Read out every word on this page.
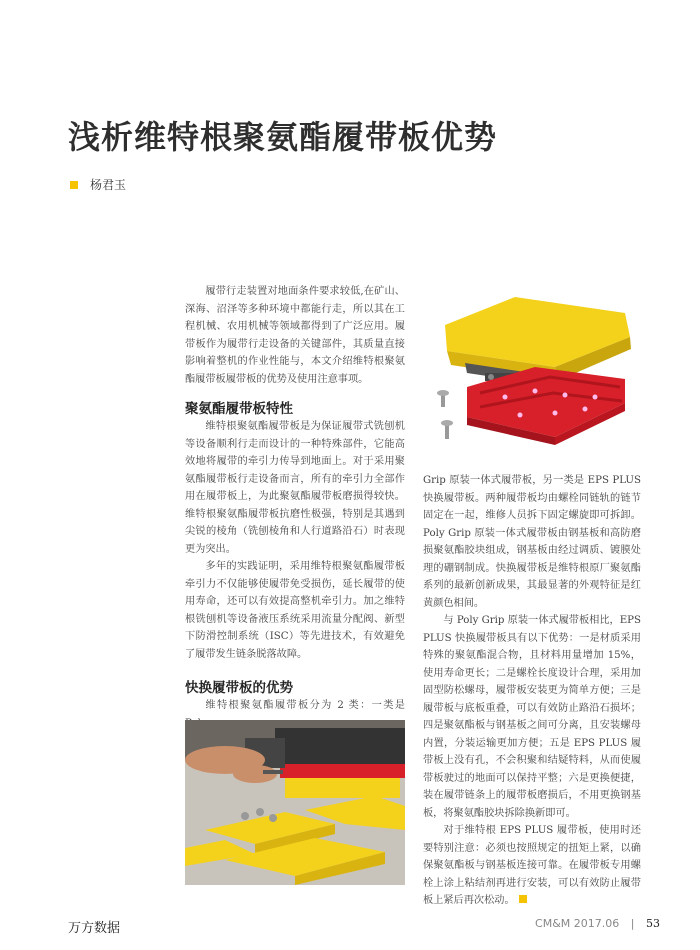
浅析维特根聚氨酯履带板优势
杨君玉

履带行走装置对地面条件要求较低,在矿山、深海、沼泽等多种环境中都能行走，所以其在工程机械、农用机械等领域都得到了广泛应用。履带板作为履带行走设备的关键部件，其质量直接影响着整机的作业性能与，本文介绍维特根聚氨酯履带板履带板的优势及使用注意事项。

聚氨酯履带板特性

维特根聚氨酯履带板是为保证履带式铣刨机等设备顺利行走而设计的一种特殊部件，它能高效地将履带的牵引力传导到地面上。对于采用聚氨酯履带板行走设备而言，所有的牵引力全部作用在履带板上，为此聚氨酯履带板磨损得较快。维特根聚氨酯履带板抗磨性极强，特别是其遇到尖锐的棱角（铣刨棱角和人行道路沿石）时表现更为突出。

多年的实践证明，采用维特根聚氨酯履带板牵引力不仅能够使履带免受损伤，延长履带的使用寿命，还可以有效提高整机牵引力。加之维特根铣刨机等设备液压系统采用流量分配阀、新型下防滑控制系统（ISC）等先进技术，有效避免了履带发生链条脱落故障。

快换履带板的优势

维特根聚氨酯履带板分为 2 类：一类是

Grip 原装一体式履带板，另一类是 EPS PLUS 快换履带板。两种履带板均由螺栓同链轨的链节固定在一起，维修人员拆下固定螺旋即可拆卸。Poly Grip 原装一体式履带板由钢基板和高防磨损聚氨酯胶块组成，钢基板由经过调质、镀膜处理的硼钢制成。快换履带板是维特根原厂聚氨酯系列的最新创新成果，其最显著的外观特征是红黄颜色相间。

与 Poly Grip 原装一体式履带板相比，EPS PLUS 快换履带板具有以下优势：一是材质采用特殊的聚氨酯混合物，且材料用量增加 15%，使用寿命更长；二是螺栓长度设计合理，采用加固型防松螺母，履带板安装更为简单方便；三是履带板与底板重叠，可以有效防止路沿石损坏；四是聚氨酯板与钢基板之间可分离，且安装螺母内置，分装运输更加方便；五是 EPS PLUS 履带板上没有孔，不会积聚和结疑特料，从而使履带板驶过的地面可以保持平整；六是更换便捷，装在履带链条上的履带板磨损后，不用更换钢基板，将聚氨酯胶块拆除换新即可。

对于维特根 EPS PLUS 履带板，使用时还要特别注意：必须也按照规定的扭矩上紧，以确保聚氨酯板与钢基板连接可靠。在履带板专用螺栓上涂上粘结剂再进行安装，可以有效防止履带板上紧后再次松动。

万方数据	CM&M 2017.06 | 53
